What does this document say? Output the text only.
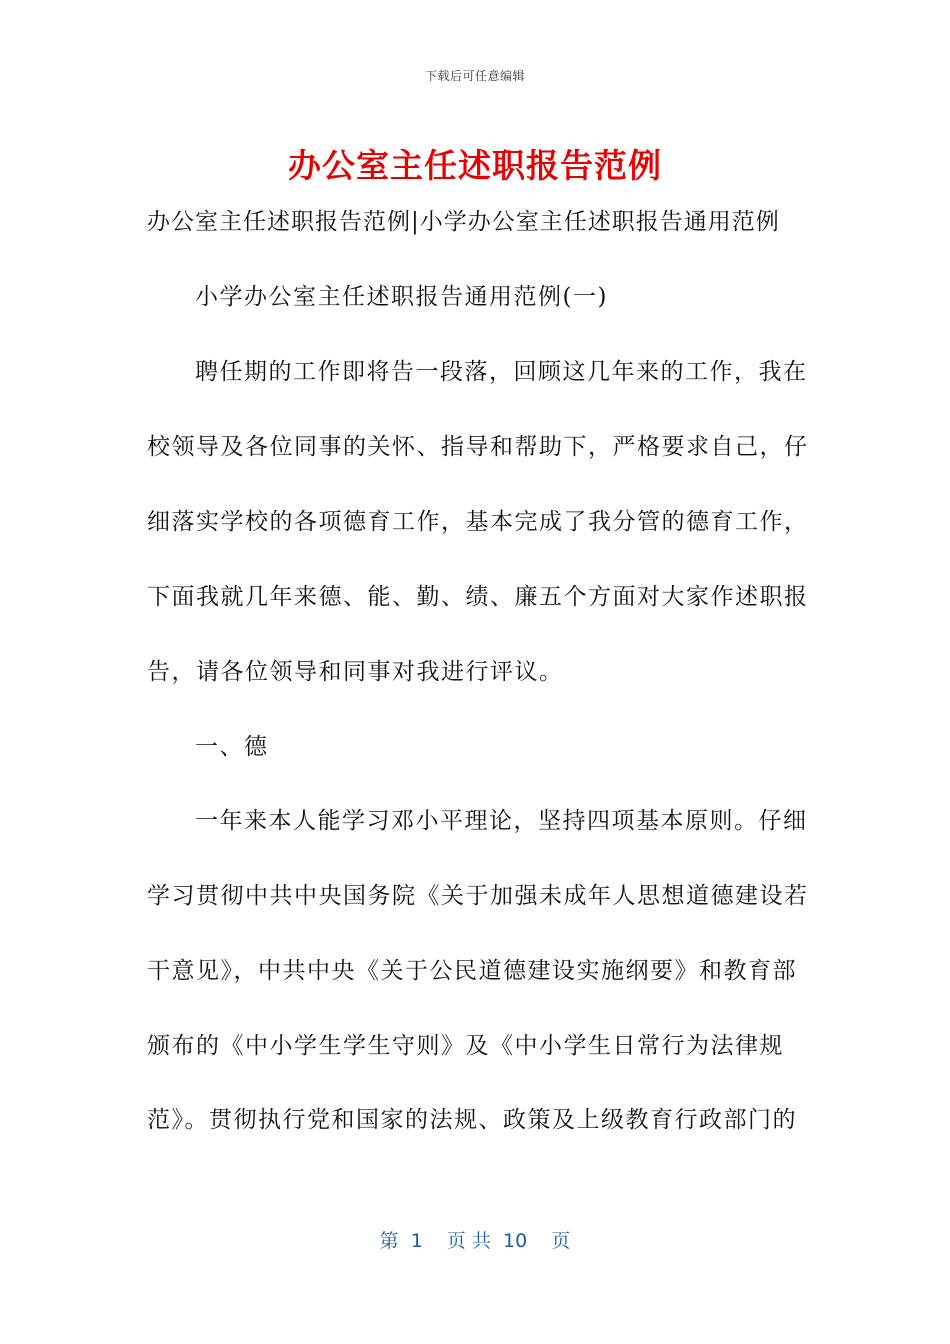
下载后可任意编辑
办公室主任述职报告范例
办公室主任述职报告范例|小学办公室主任述职报告通用范例
小学办公室主任述职报告通用范例(一)
聘任期的工作即将告一段落，回顾这几年来的工作，我在
校领导及各位同事的关怀、指导和帮助下，严格要求自己，仔
细落实学校的各项德育工作，基本完成了我分管的德育工作，
下面我就几年来德、能、勤、绩、廉五个方面对大家作述职报
告，请各位领导和同事对我进行评议。
一、德
一年来本人能学习邓小平理论，坚持四项基本原则。仔细
学习贯彻中共中央国务院《关于加强未成年人思想道德建设若
干意见》，中共中央《关于公民道德建设实施纲要》和教育部
颁布的《中小学生学生守则》及《中小学生日常行为法律规
范》。贯彻执行党和国家的法规、政策及上级教育行政部门的
第  1    页 共  10    页
